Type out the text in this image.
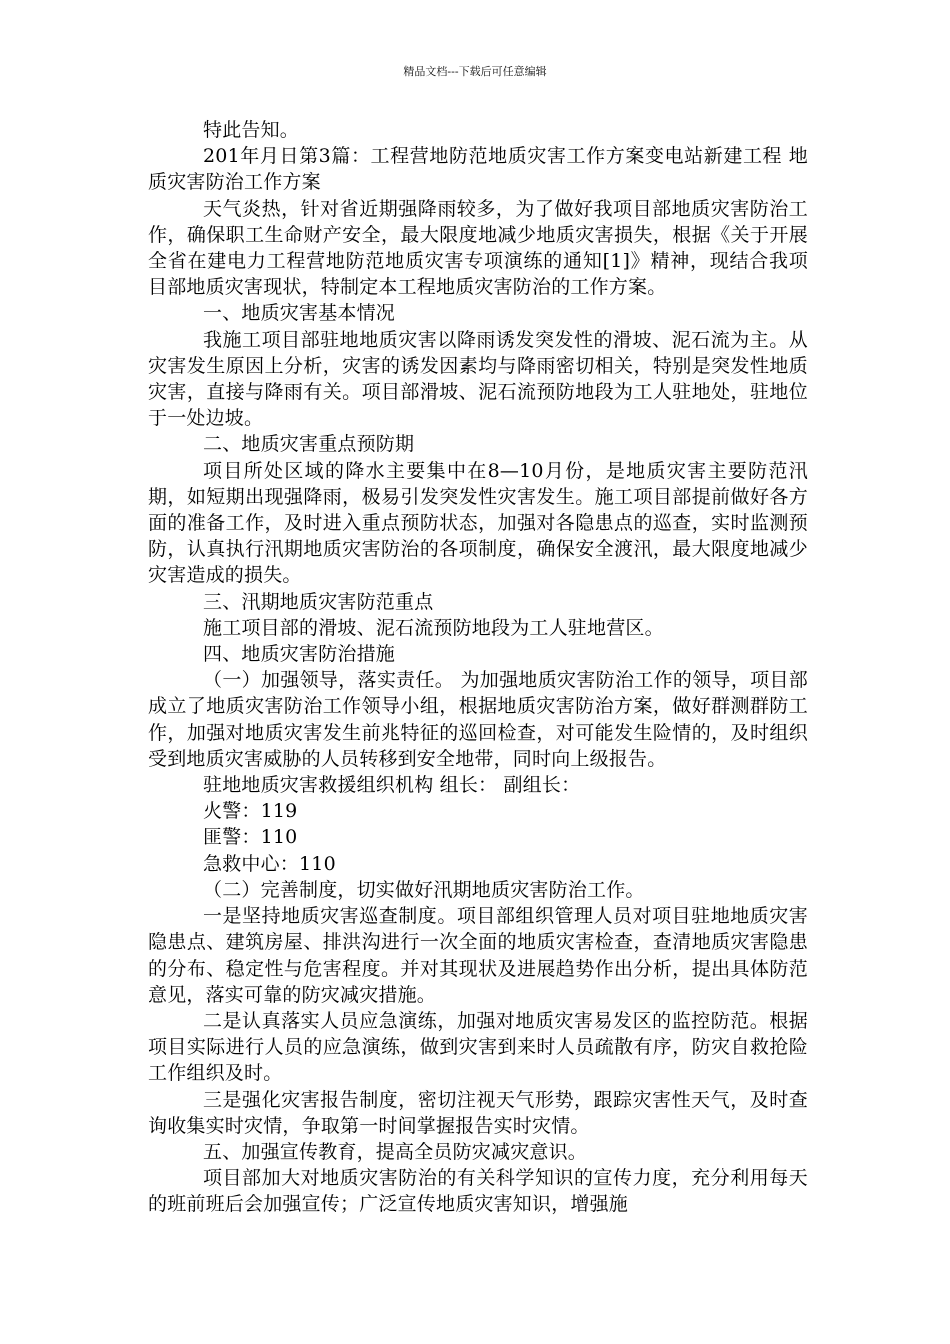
精品文档---下载后可任意编辑

特此告知。

201年月日第3篇：工程营地防范地质灾害工作方案变电站新建工程 地质灾害防治工作方案

天气炎热，针对省近期强降雨较多，为了做好我项目部地质灾害防治工作，确保职工生命财产安全，最大限度地减少地质灾害损失，根据《关于开展全省在建电力工程营地防范地质灾害专项演练的通知[1]》精神，现结合我项目部地质灾害现状，特制定本工程地质灾害防治的工作方案。

一、地质灾害基本情况

我施工项目部驻地地质灾害以降雨诱发突发性的滑坡、泥石流为主。从灾害发生原因上分析，灾害的诱发因素均与降雨密切相关，特别是突发性地质灾害，直接与降雨有关。项目部滑坡、泥石流预防地段为工人驻地处，驻地位于一处边坡。

二、地质灾害重点预防期

项目所处区域的降水主要集中在8—10月份，是地质灾害主要防范汛期，如短期出现强降雨，极易引发突发性灾害发生。施工项目部提前做好各方面的准备工作，及时进入重点预防状态，加强对各隐患点的巡查，实时监测预防，认真执行汛期地质灾害防治的各项制度，确保安全渡汛，最大限度地减少灾害造成的损失。

三、汛期地质灾害防范重点

施工项目部的滑坡、泥石流预防地段为工人驻地营区。

四、地质灾害防治措施

（一）加强领导，落实责任。 为加强地质灾害防治工作的领导，项目部成立了地质灾害防治工作领导小组，根据地质灾害防治方案，做好群测群防工作，加强对地质灾害发生前兆特征的巡回检查，对可能发生险情的，及时组织受到地质灾害威胁的人员转移到安全地带，同时向上级报告。

驻地地质灾害救援组织机构 组长： 副组长：

火警：119

匪警：110

急救中心：110

（二）完善制度，切实做好汛期地质灾害防治工作。

一是坚持地质灾害巡查制度。项目部组织管理人员对项目驻地地质灾害隐患点、建筑房屋、排洪沟进行一次全面的地质灾害检查，查清地质灾害隐患的分布、稳定性与危害程度。并对其现状及进展趋势作出分析，提出具体防范意见，落实可靠的防灾减灾措施。

二是认真落实人员应急演练，加强对地质灾害易发区的监控防范。根据项目实际进行人员的应急演练，做到灾害到来时人员疏散有序，防灾自救抢险工作组织及时。

三是强化灾害报告制度，密切注视天气形势，跟踪灾害性天气，及时查询收集实时灾情，争取第一时间掌握报告实时灾情。

五、加强宣传教育，提高全员防灾减灾意识。

项目部加大对地质灾害防治的有关科学知识的宣传力度，充分利用每天的班前班后会加强宣传；广泛宣传地质灾害知识，增强施
